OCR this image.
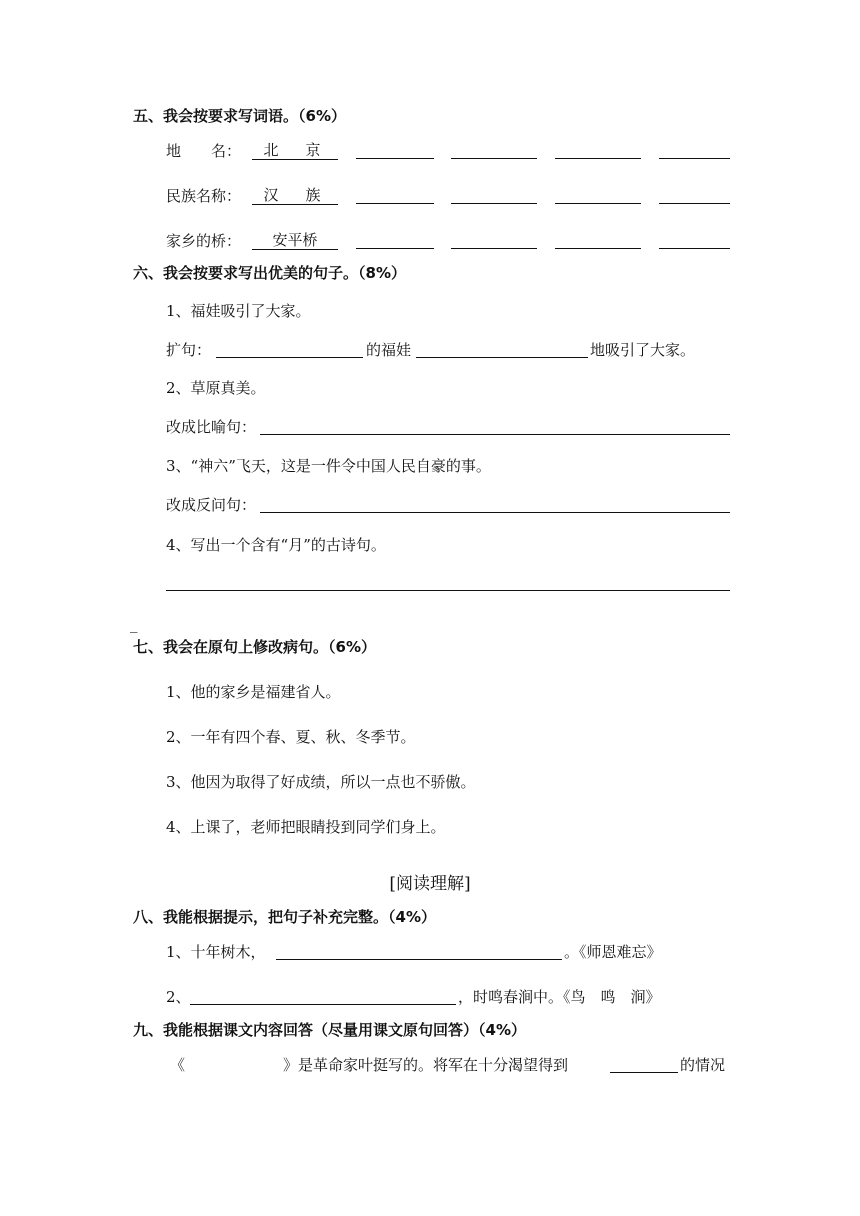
五、我会按要求写词语。（6%）
地　　名：	北　京
民族名称：	汉　族
家乡的桥：	安平桥
六、我会按要求写出优美的句子。（8%）
1、福娃吸引了大家。
扩句：	的福娃	地吸引了大家。
2、草原真美。
改成比喻句：
3、“神六”飞天，这是一件令中国人民自豪的事。
改成反问句：
4、写出一个含有“月”的古诗句。
_
七、我会在原句上修改病句。（6%）
1、他的家乡是福建省人。
2、一年有四个春、夏、秋、冬季节。
3、他因为取得了好成绩，所以一点也不骄傲。
4、上课了，老师把眼睛投到同学们身上。
[阅读理解]
八、我能根据提示，把句子补充完整。（4%）
1、十年树木，	。《师恩难忘》
2、	，时鸣春涧中。《鸟　鸣　涧》
九、我能根据课文内容回答（尽量用课文原句回答）（4%）
《	》是革命家叶挺写的。将军在十分渴望得到	的情况
